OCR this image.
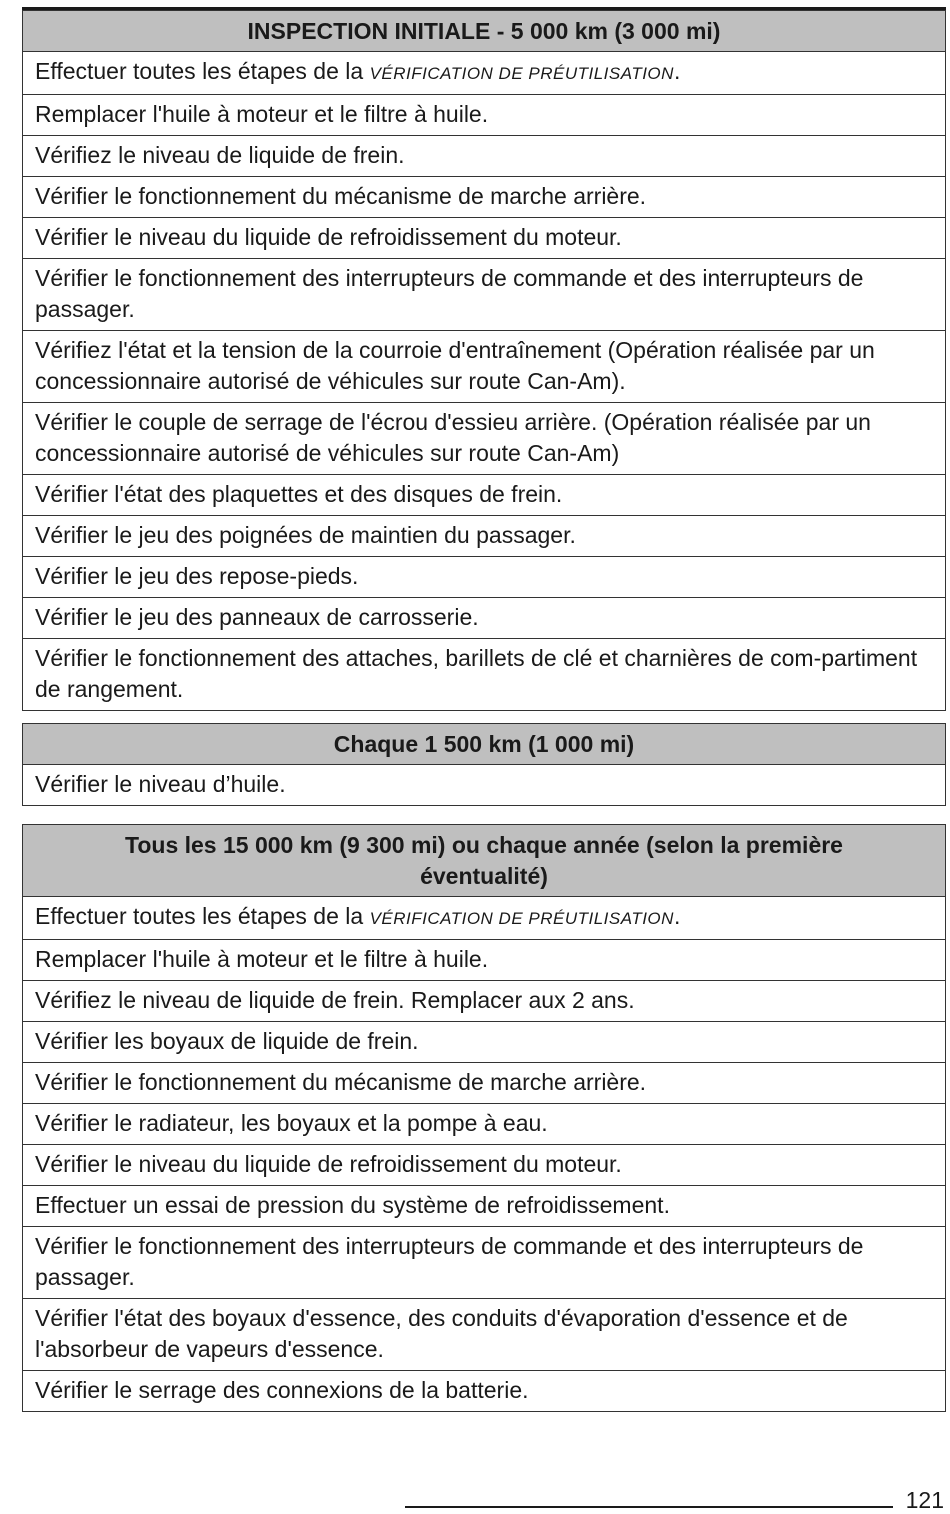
INSPECTION INITIALE - 5 000 km (3 000 mi)
Effectuer toutes les étapes de la VÉRIFICATION DE PRÉUTILISATION.
Remplacer l'huile à moteur et le filtre à huile.
Vérifiez le niveau de liquide de frein.
Vérifier le fonctionnement du mécanisme de marche arrière.
Vérifier le niveau du liquide de refroidissement du moteur.
Vérifier le fonctionnement des interrupteurs de commande et des interrupteurs de passager.
Vérifiez l'état et la tension de la courroie d'entraînement (Opération réalisée par un concessionnaire autorisé de véhicules sur route Can-Am).
Vérifier le couple de serrage de l'écrou d'essieu arrière. (Opération réalisée par un concessionnaire autorisé de véhicules sur route Can-Am)
Vérifier l'état des plaquettes et des disques de frein.
Vérifier le jeu des poignées de maintien du passager.
Vérifier le jeu des repose-pieds.
Vérifier le jeu des panneaux de carrosserie.
Vérifier le fonctionnement des attaches, barillets de clé et charnières de com-partiment de rangement.
Chaque 1 500 km (1 000 mi)
Vérifier le niveau d’huile.
Tous les 15 000 km (9 300 mi) ou chaque année (selon la première éventualité)
Effectuer toutes les étapes de la VÉRIFICATION DE PRÉUTILISATION.
Remplacer l'huile à moteur et le filtre à huile.
Vérifiez le niveau de liquide de frein. Remplacer aux 2 ans.
Vérifier les boyaux de liquide de frein.
Vérifier le fonctionnement du mécanisme de marche arrière.
Vérifier le radiateur, les boyaux et la pompe à eau.
Vérifier le niveau du liquide de refroidissement du moteur.
Effectuer un essai de pression du système de refroidissement.
Vérifier le fonctionnement des interrupteurs de commande et des interrupteurs de passager.
Vérifier l'état des boyaux d'essence, des conduits d'évaporation d'essence et de l'absorbeur de vapeurs d'essence.
Vérifier le serrage des connexions de la batterie.
121
